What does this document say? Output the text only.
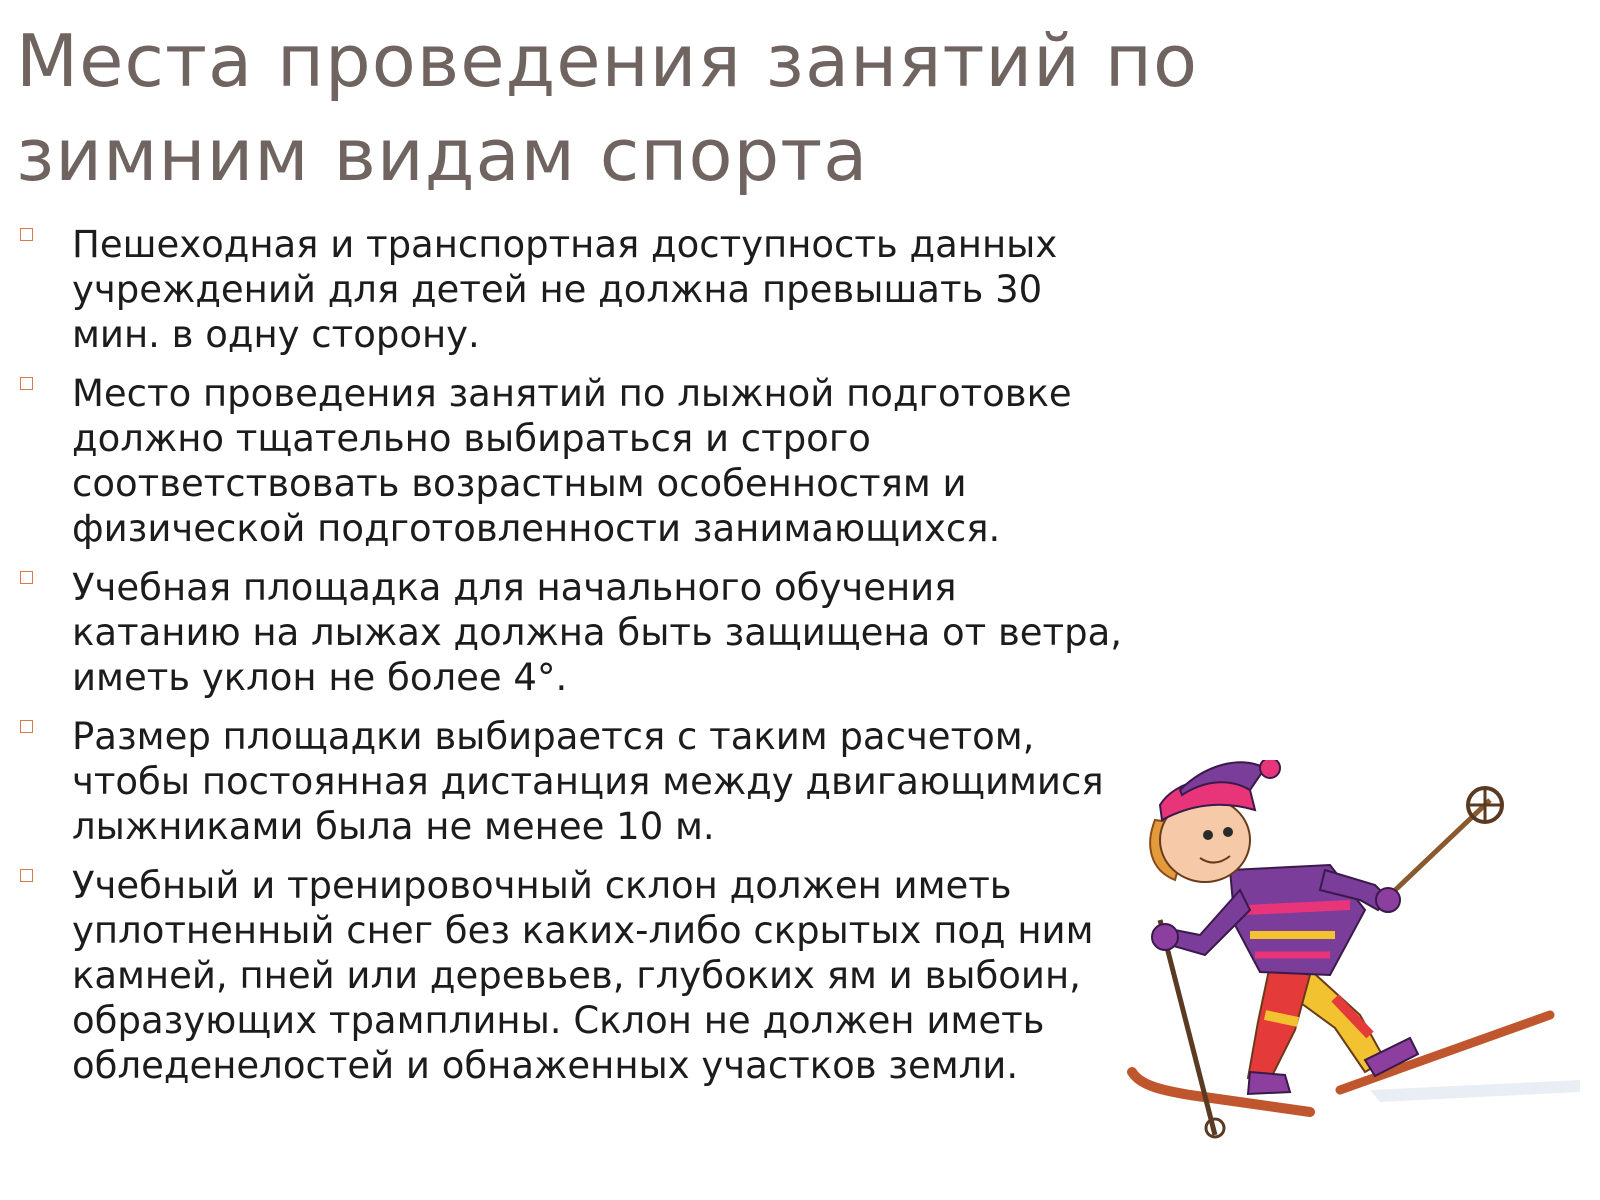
Места проведения занятий по зимним видам спорта
Пешеходная и транспортная доступность данных учреждений для детей не должна превышать 30 мин. в одну сторону.
Место проведения занятий по лыжной подготовке должно тщательно выбираться и строго соответствовать возрастным особенностям и физической подготовленности занимающихся.
Учебная площадка для начального обучения катанию на лыжах должна быть защищена от ветра, иметь уклон не более 4°.
Размер площадки выбирается с таким расчетом, чтобы постоянная дистанция между двигающимися лыжниками была не менее 10 м.
Учебный и тренировочный склон должен иметь уплотненный снег без каких-либо скрытых под ним камней, пней или деревьев, глубоких ям и выбоин, образующих трамплины. Склон не должен иметь обледенелостей и обнаженных участков земли.
